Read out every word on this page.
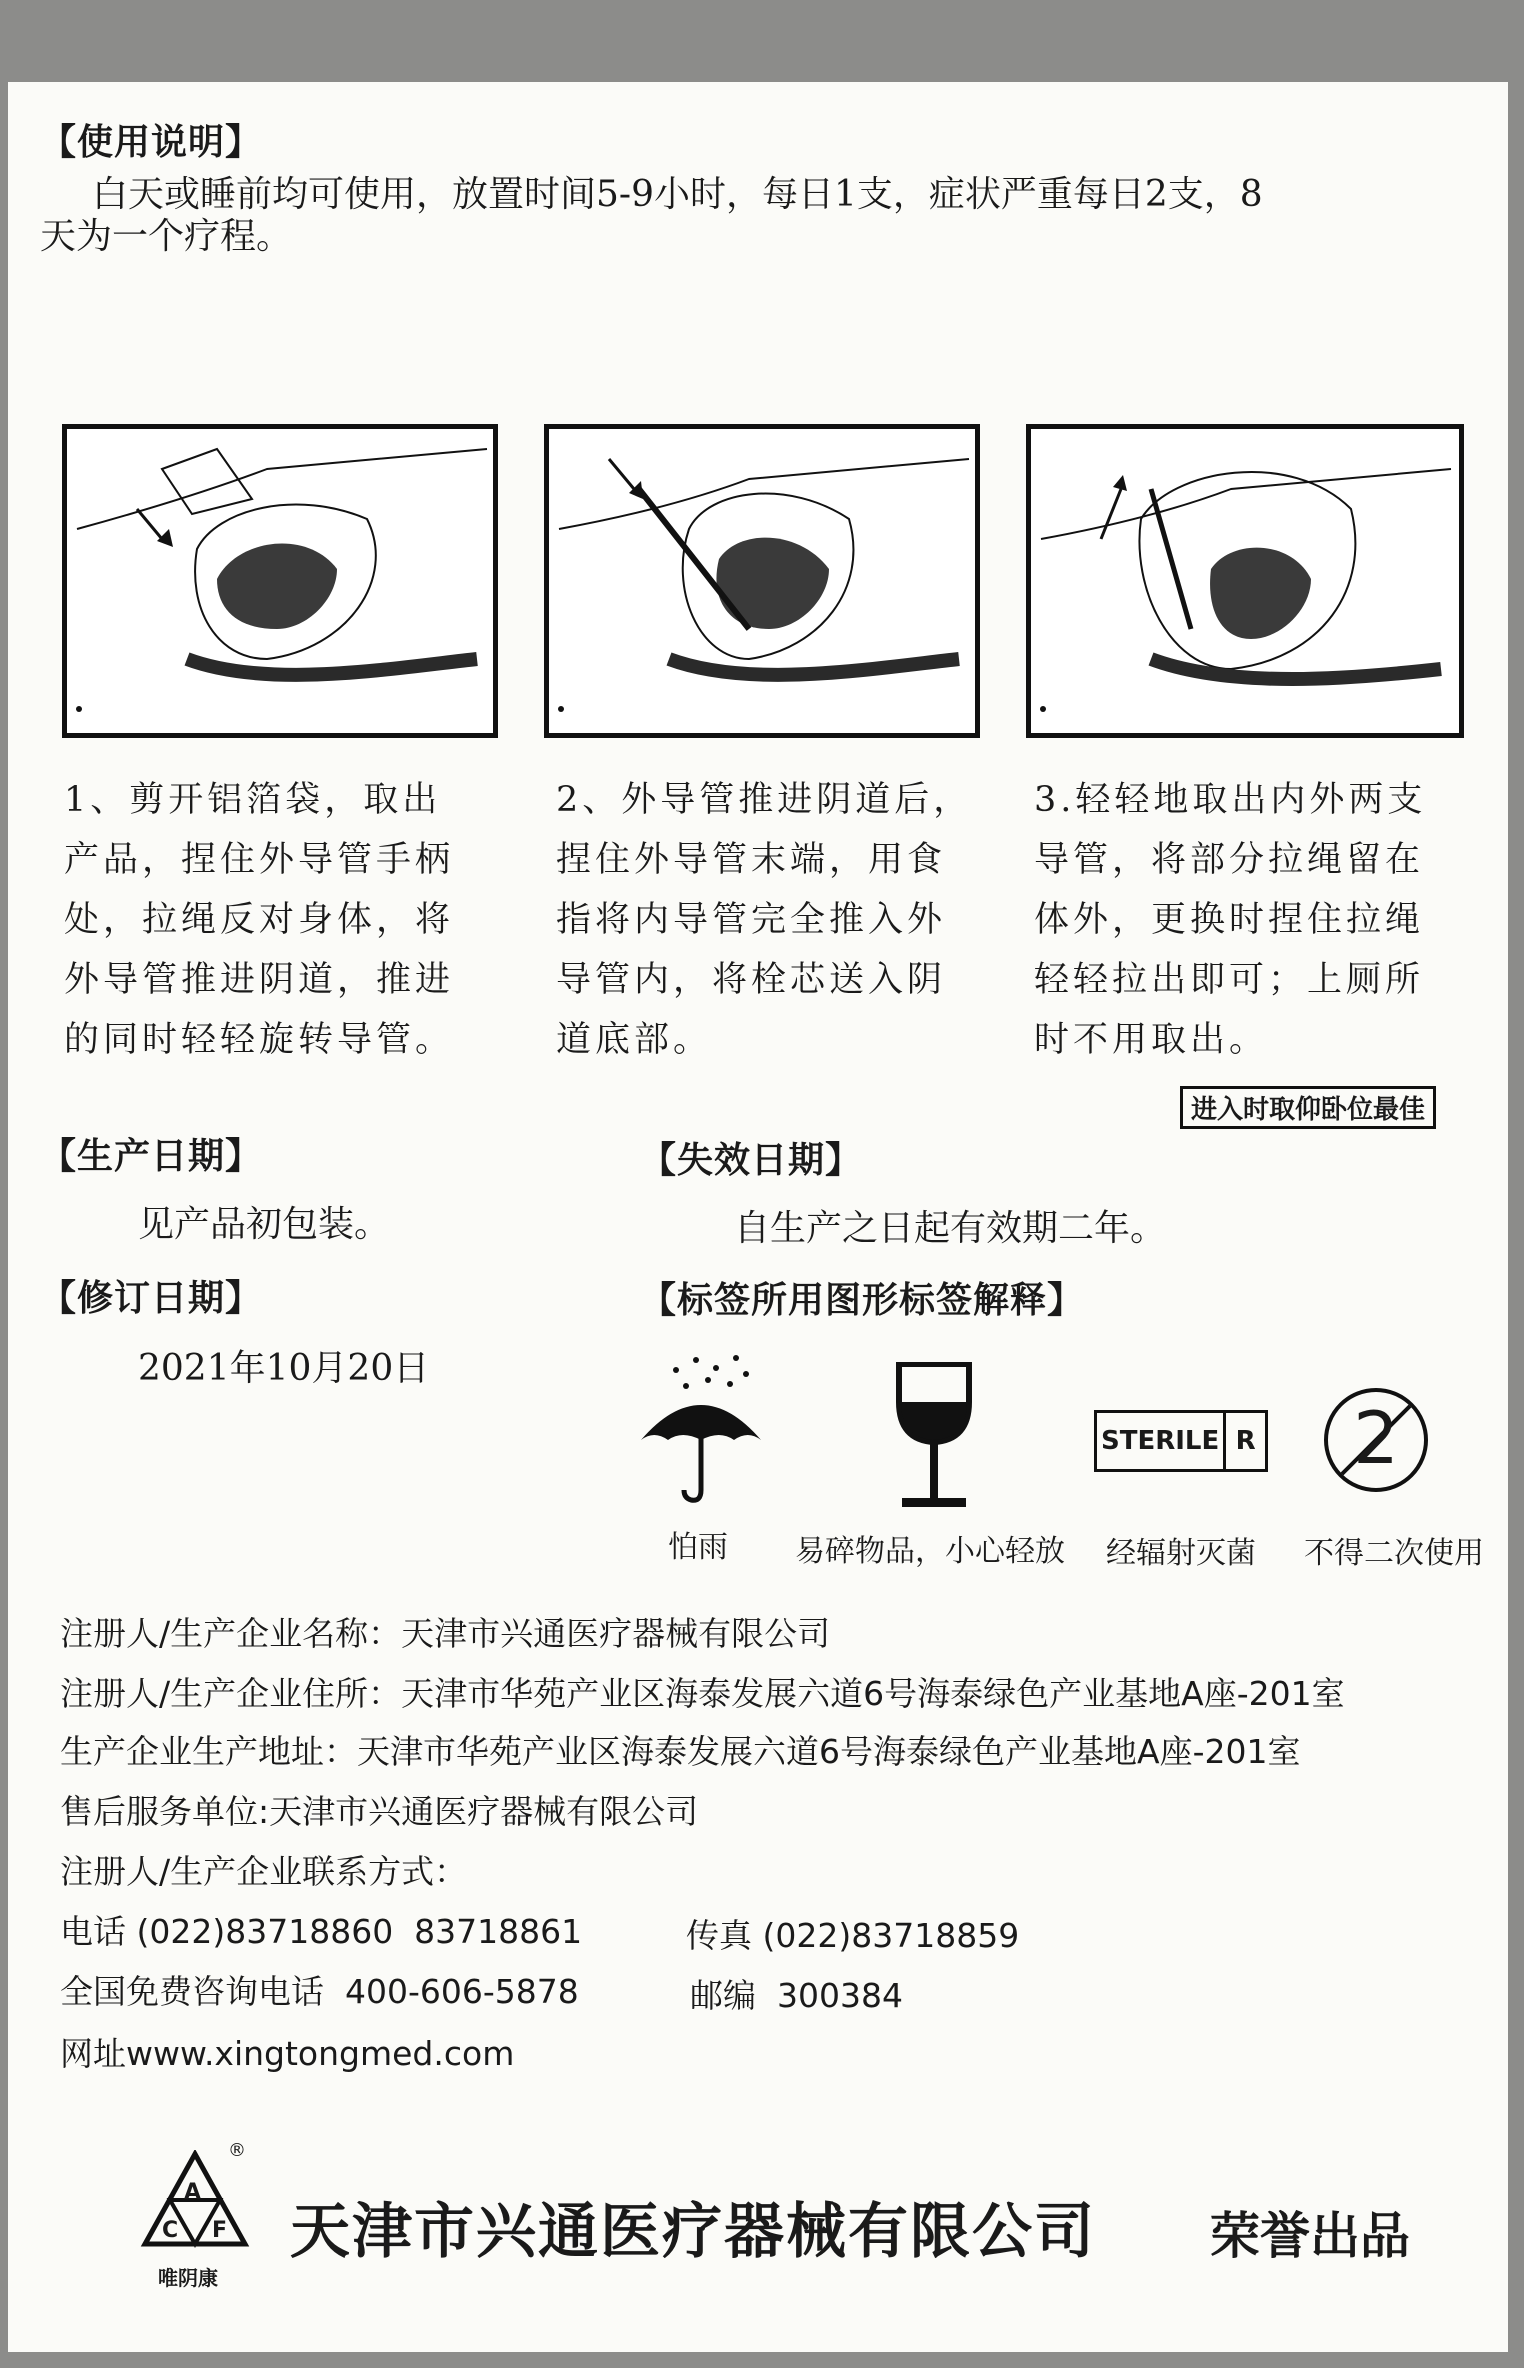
【使用说明】
白天或睡前均可使用，放置时间5-9小时，每日1支，症状严重每日2支，8
天为一个疗程。
1、剪开铝箔袋，取出
产品，捏住外导管手柄
处，拉绳反对身体，将
外导管推进阴道，推进
的同时轻轻旋转导管。
2、外导管推进阴道后，
捏住外导管末端，用食
指将内导管完全推入外
导管内，将栓芯送入阴
道底部。
3.轻轻地取出内外两支
导管，将部分拉绳留在
体外，更换时捏住拉绳
轻轻拉出即可；上厕所
时不用取出。
进入时取仰卧位最佳
【生产日期】
见产品初包装。
【失效日期】
自生产之日起有效期二年。
【修订日期】
2021年10月20日
【标签所用图形标签解释】
STERILE R	2
怕雨	易碎物品，小心轻放	经辐射灭菌	不得二次使用
注册人/生产企业名称：天津市兴通医疗器械有限公司
注册人/生产企业住所：天津市华苑产业区海泰发展六道6号海泰绿色产业基地A座-201室
生产企业生产地址：天津市华苑产业区海泰发展六道6号海泰绿色产业基地A座-201室
售后服务单位:天津市兴通医疗器械有限公司
注册人/生产企业联系方式：
电话 (022)83718860  83718861	传真 (022)83718859
全国免费咨询电话  400-606-5878	邮编  300384
网址www.xingtongmed.com
A
C F
®
唯阴康
天津市兴通医疗器械有限公司 荣誉出品
